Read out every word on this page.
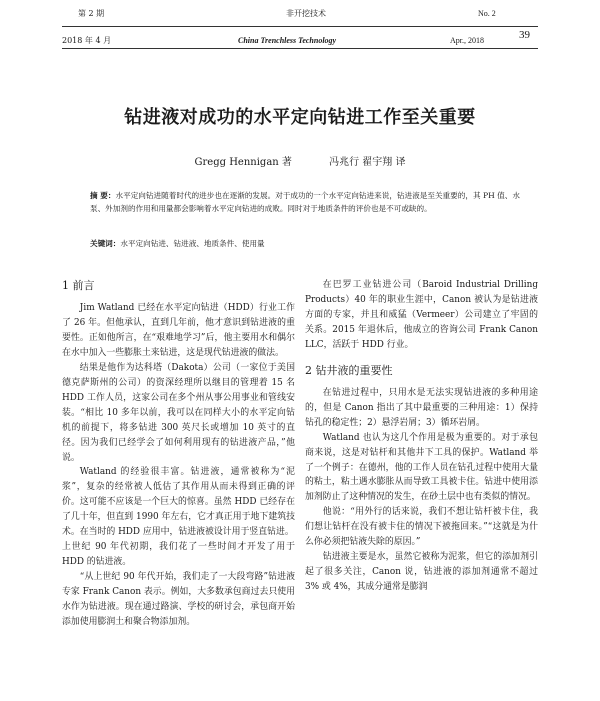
第 2 期
2018 年 4 月
非开挖技术
China Trenchless Technology
No. 2
Apr., 2018	39
钻进液对成功的水平定向钻进工作至关重要
Gregg Hennigan 著	冯兆行 翟宇翔 译
摘 要：水平定向钻进随着时代的进步也在逐渐的发展。对于成功的一个水平定向钻进来说，钻进液是至关重要的，其 PH 值、水泵、外加剂的作用和用量都会影响着水平定向钻进的成败。同时对于地质条件的评价也是不可或缺的。
关键词：水平定向钻进、钻进液、地质条件、使用量
1 前言

Jim Watland 已经在水平定向钻进（HDD）行业工作了 26 年。但他承认，直到几年前，他才意识到钻进液的重要性。正如他所言，在“艰难地学习”后，他主要用水和偶尔在水中加入一些膨胀土来钻进，这是现代钻进液的做法。

结果是他作为达科塔（Dakota）公司（一家位于美国德克萨斯州的公司）的资深经理所以继目的管理着 15 名 HDD 工作人员，这家公司在多个州从事公用事业和管线安装。“相比 10 多年以前，我可以在同样大小的水平定向钻机的前提下，将多钻进 300 英尺长或增加 10 英寸的直径。因为我们已经学会了如何利用现有的钻进液产品，”他说。

Watland 的经验很丰富。钻进液，通常被称为“泥浆”，复杂的经常被人低估了其作用从而未得到正确的评价。这可能不应该是一个巨大的惊喜。虽然 HDD 已经存在了几十年，但直到 1990 年左右，它才真正用于地下建筑技术。在当时的 HDD 应用中，钻进液被设计用于竖直钻进。

上世纪 90 年代初期，我们花了一些时间才开发了用于 HDD 的钻进液。

“从上世纪 90 年代开始，我们走了一大段弯路”钻进液专家 Frank Canon 表示。例如，大多数承包商过去只使用水作为钻进液。现在通过路演、学校的研讨会，承包商开始添加使用膨润土和聚合物添加剂。

在巴罗工业钻进公司（Baroid Industrial Drilling Products）40 年的职业生涯中，Canon 被认为是钻进液方面的专家，并且和威猛（Vermeer）公司建立了牢固的关系。2015 年退休后，他成立的咨询公司 Frank Canon LLC，活跃于 HDD 行业。

2 钻井液的重要性

在钻进过程中，只用水是无法实现钻进液的多种用途的，但是 Canon 指出了其中最重要的三种用途：1）保持钻孔的稳定性；2）悬浮岩屑；3）循环岩屑。

Watland 也认为这几个作用是极为重要的。对于承包商来说，这是对钻杆和其他井下工具的保护。Watland 举了一个例子：在德州，他的工作人员在钻孔过程中使用大量的粘土，粘土遇水膨胀从而导致工具被卡住。钻进中使用添加剂防止了这种情况的发生，在砂土层中也有类似的情况。

他说：“用外行的话来说，我们不想让钻杆被卡住，我们想让钻杆在没有被卡住的情况下被拖回来。”“这就是为什么你必须把钻液失除的原因。”

钻进液主要是水，虽然它被称为泥浆，但它的添加剂引起了很多关注，Canon 说，钻进液的添加剂通常不超过 3% 或 4%，其成分通常是膨润
